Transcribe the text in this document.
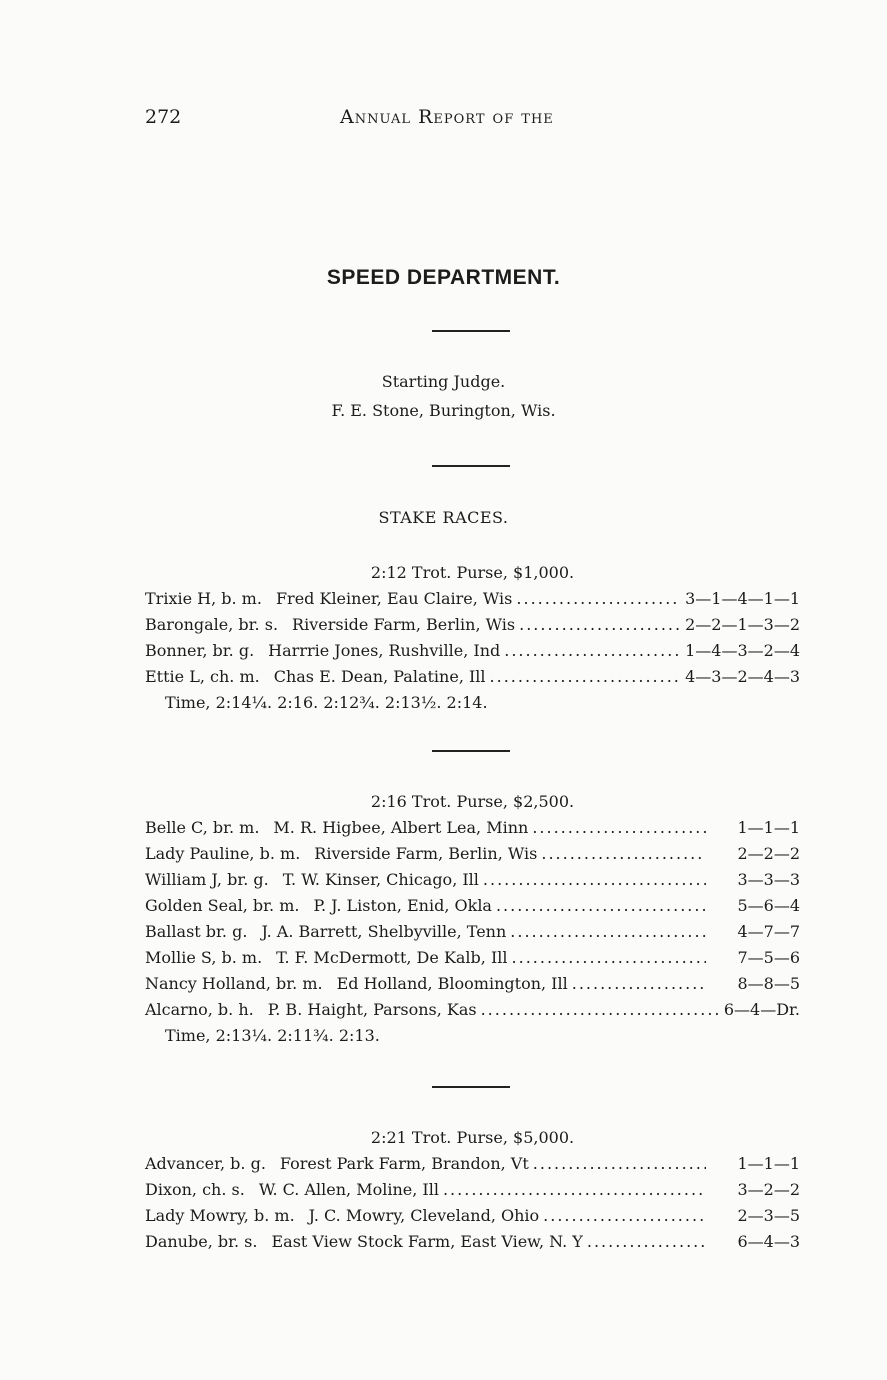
272	Annual Report of the
SPEED DEPARTMENT.
Starting Judge.
F. E. Stone, Burington, Wis.
STAKE RACES.
2:12 Trot. Purse, $1,000.
Trixie H, b. m. Fred Kleiner, Eau Claire, Wis .....	3—1—4—1—1
Barongale, br. s. Riverside Farm, Berlin, Wis .....	2—2—1—3—2
Bonner, br. g. Harrrie Jones, Rushville, Ind .....	1—4—3—2—4
Ettie L, ch. m. Chas E. Dean, Palatine, Ill .....	4—3—2—4—3
Time, 2:14¼. 2:16. 2:12¾. 2:13½. 2:14.
2:16 Trot. Purse, $2,500.
Belle C, br. m. M. R. Higbee, Albert Lea, Minn .....	1—1—1
Lady Pauline, b. m. Riverside Farm, Berlin, Wis .....	2—2—2
William J, br. g. T. W. Kinser, Chicago, Ill .....	3—3—3
Golden Seal, br. m. P. J. Liston, Enid, Okla .....	5—6—4
Ballast br. g. J. A. Barrett, Shelbyville, Tenn .....	4—7—7
Mollie S, b. m. T. F. McDermott, De Kalb, Ill .....	7—5—6
Nancy Holland, br. m. Ed Holland, Bloomington, Ill .....	8—8—5
Alcarno, b. h. P. B. Haight, Parsons, Kas .....	6—4—Dr.
Time, 2:13¼. 2:11¾. 2:13.
2:21 Trot. Purse, $5,000.
Advancer, b. g. Forest Park Farm, Brandon, Vt .....	1—1—1
Dixon, ch. s. W. C. Allen, Moline, Ill .....	3—2—2
Lady Mowry, b. m. J. C. Mowry, Cleveland, Ohio .....	2—3—5
Danube, br. s. East View Stock Farm, East View, N. Y .....	6—4—3
